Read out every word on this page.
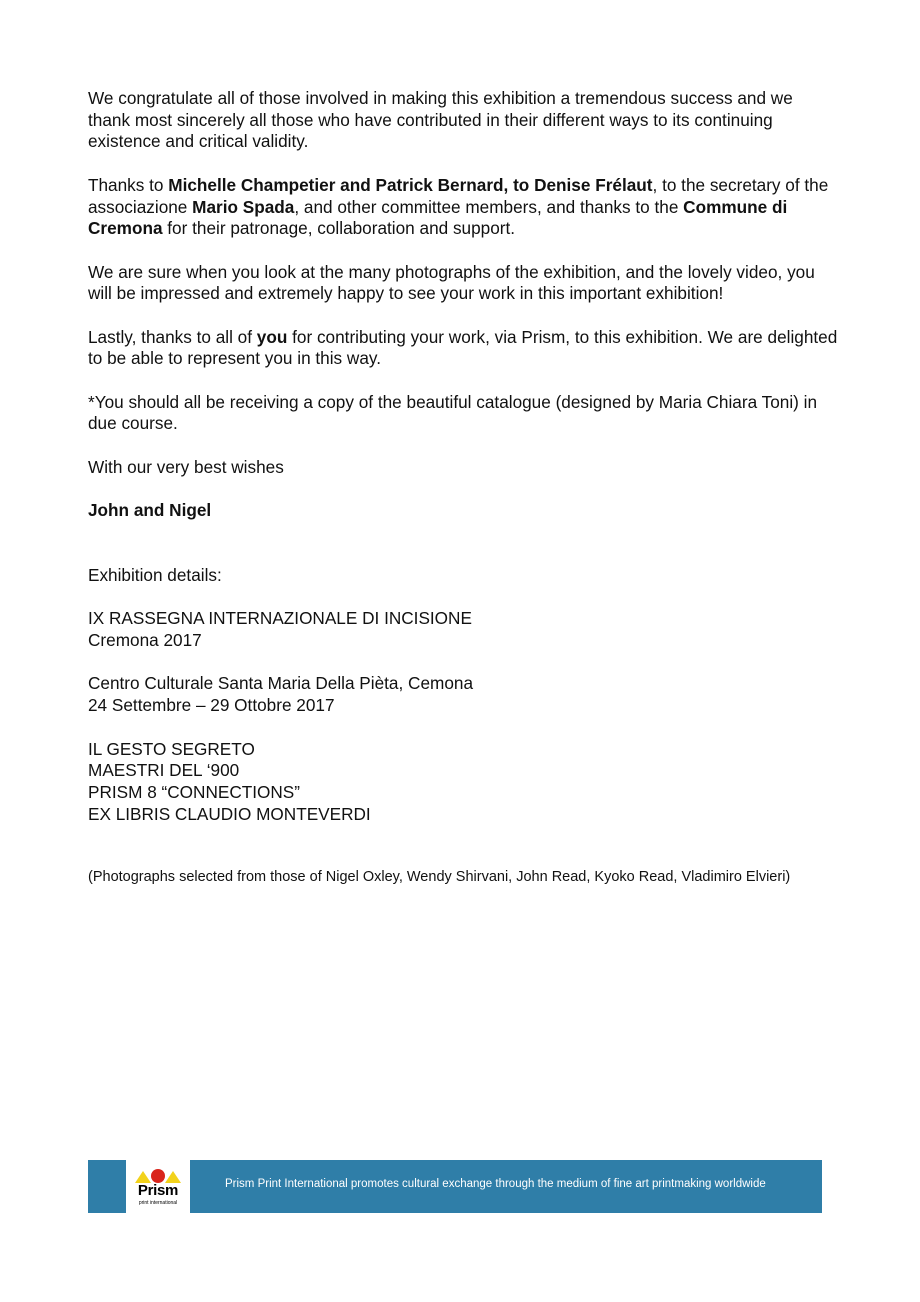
We congratulate all of those involved in making this exhibition a tremendous success and we thank most sincerely all those who have contributed in their different ways to its continuing existence and critical validity.

Thanks to Michelle Champetier and Patrick Bernard, to Denise Frélaut, to the secretary of the associazione Mario Spada, and other committee members, and thanks to the Commune di Cremona for their patronage, collaboration and support.

We are sure when you look at the many photographs of the exhibition, and the lovely video, you will be impressed and extremely happy to see your work in this important exhibition!

Lastly, thanks to all of you for contributing your work, via Prism, to this exhibition. We are delighted to be able to represent you in this way.

*You should all be receiving a copy of the beautiful catalogue (designed by Maria Chiara Toni) in due course.

With our very best wishes

John and Nigel

Exhibition details:

IX RASSEGNA INTERNAZIONALE DI INCISIONE

Cremona 2017

Centro Culturale Santa Maria Della Pièta, Cemona

24 Settembre – 29 Ottobre 2017

IL GESTO SEGRETO

MAESTRI DEL ‘900

PRISM 8 “CONNECTIONS”

EX LIBRIS CLAUDIO MONTEVERDI

(Photographs selected from those of Nigel Oxley, Wendy Shirvani, John Read, Kyoko Read, Vladimiro Elvieri)

Prism
print international
Prism Print International promotes cultural exchange through the medium of fine art printmaking worldwide
